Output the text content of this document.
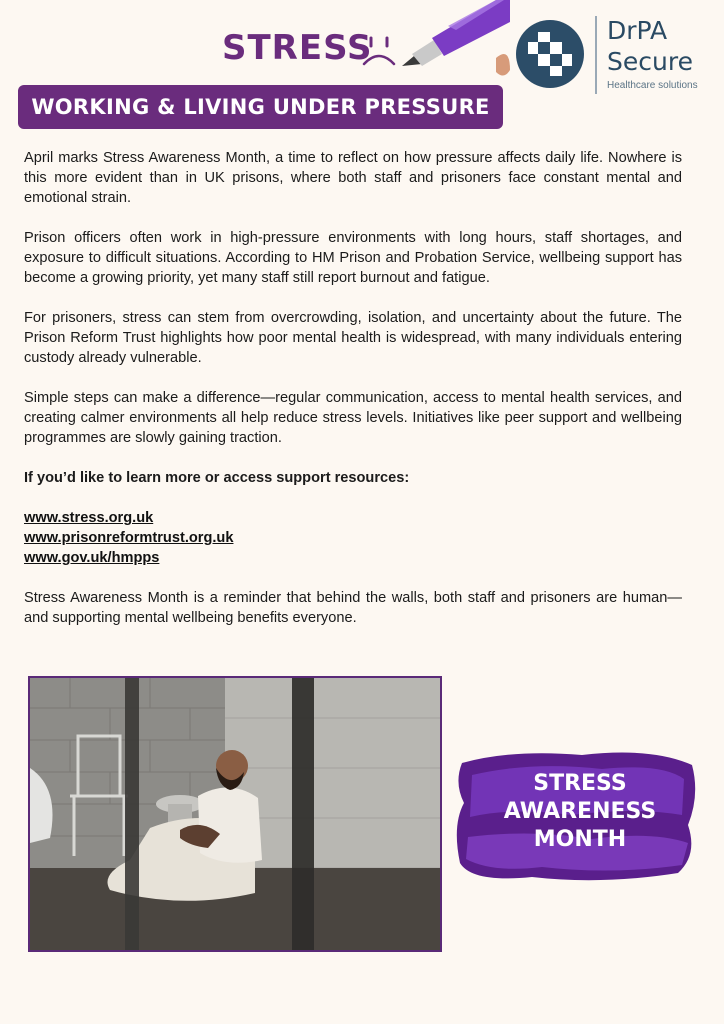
STRESS	DrPA
Secure
Healthcare solutions
WORKING & LIVING UNDER PRESSURE

April marks Stress Awareness Month, a time to reflect on how pressure affects daily life. Nowhere is this more evident than in UK prisons, where both staff and prisoners face constant mental and emotional strain.

Prison officers often work in high-pressure environments with long hours, staff shortages, and exposure to difficult situations. According to HM Prison and Probation Service, wellbeing support has become a growing priority, yet many staff still report burnout and fatigue.

For prisoners, stress can stem from overcrowding, isolation, and uncertainty about the future. The Prison Reform Trust highlights how poor mental health is widespread, with many individuals entering custody already vulnerable.

Simple steps can make a difference—regular communication, access to mental health services, and creating calmer environments all help reduce stress levels. Initiatives like peer support and wellbeing programmes are slowly gaining traction.

If you’d like to learn more or access support resources:

www.stress.org.uk
www.prisonreformtrust.org.uk
www.gov.uk/hmpps

Stress Awareness Month is a reminder that behind the walls, both staff and prisoners are human—and supporting mental wellbeing benefits everyone.

STRESS
AWARENESS
MONTH
